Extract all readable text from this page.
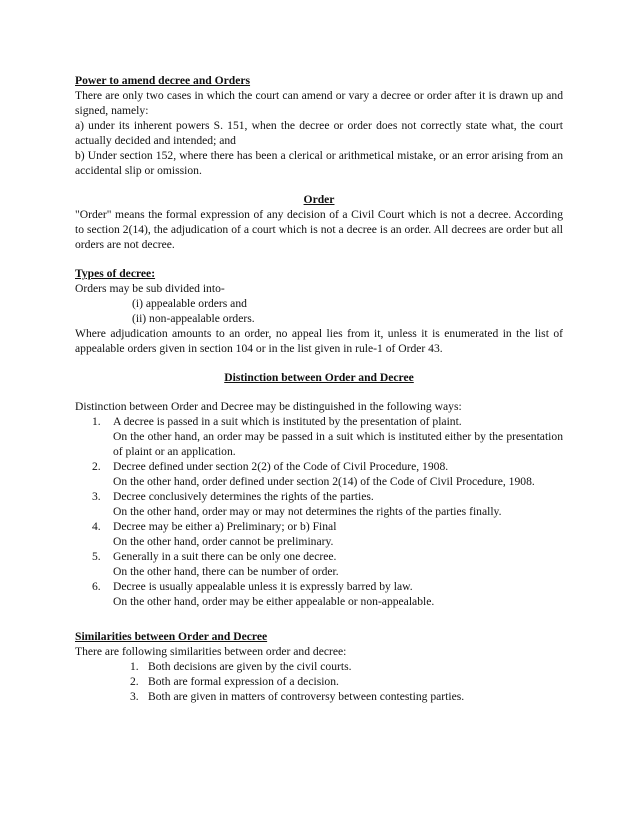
Power to amend decree and Orders

There are only two cases in which the court can amend or vary a decree or order after it is drawn up and signed, namely:

a) under its inherent powers S. 151, when the decree or order does not correctly state what, the court actually decided and intended; and

b) Under section 152, where there has been a clerical or arithmetical mistake, or an error arising from an accidental slip or omission.

Order

"Order" means the formal expression of any decision of a Civil Court which is not a decree. According to section 2(14), the adjudication of a court which is not a decree is an order. All decrees are order but all orders are not decree.

Types of decree:

Orders may be sub divided into-

(i) appealable orders and

(ii) non-appealable orders.

Where adjudication amounts to an order, no appeal lies from it, unless it is enumerated in the list of appealable orders given in section 104 or in the list given in rule-1 of Order 43.

Distinction between Order and Decree

Distinction between Order and Decree may be distinguished in the following ways:

1. A decree is passed in a suit which is instituted by the presentation of plaint.
On the other hand, an order may be passed in a suit which is instituted either by the presentation of plaint or an application.
2. Decree defined under section 2(2) of the Code of Civil Procedure, 1908.
On the other hand, order defined under section 2(14) of the Code of Civil Procedure, 1908.
3. Decree conclusively determines the rights of the parties.
On the other hand, order may or may not determines the rights of the parties finally.
4. Decree may be either a) Preliminary; or b) Final
On the other hand, order cannot be preliminary.
5. Generally in a suit there can be only one decree.
On the other hand, there can be number of order.
6. Decree is usually appealable unless it is expressly barred by law.
On the other hand, order may be either appealable or non-appealable.

Similarities between Order and Decree

There are following similarities between order and decree:

1. Both decisions are given by the civil courts.
2. Both are formal expression of a decision.
3. Both are given in matters of controversy between contesting parties.
